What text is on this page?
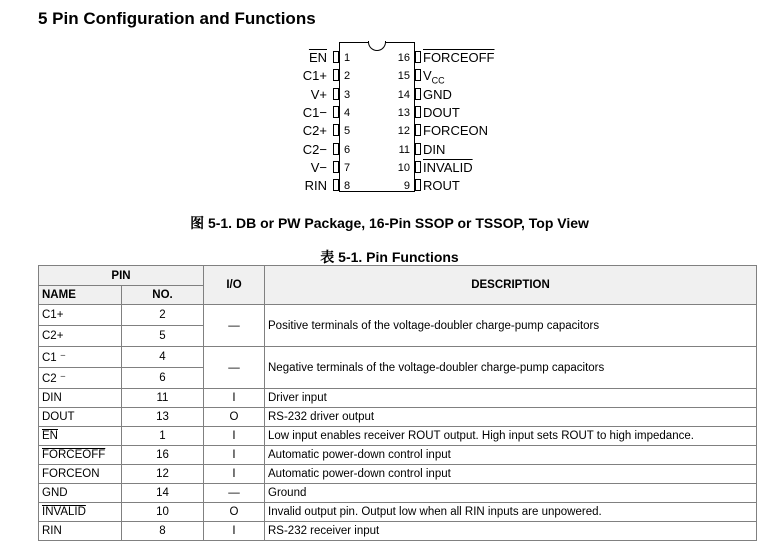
5 Pin Configuration and Functions
1
$\overline{EN}$
2
C1+
3
V+
4
C1−
5
C2+
6
C2−
7
V−
8
RIN
16 FORCEOFF
15 $V_{CC}$
14 GND
13 DOUT
12 FORCEON
11 DIN
10 INVALID
9 ROUT
图 5-1. DB or PW Package, 16-Pin SSOP or TSSOP, Top View
表 5-1. Pin Functions
PIN		I/O	DESCRIPTION
NAME	NO.		
C1+	2	—	Positive terminals of the voltage-doubler charge-pump capacitors
C2+	5		
C1 ⁻	4	—	Negative terminals of the voltage-doubler charge-pump capacitors
C2 ⁻	6		
DIN	11	I	Driver input
DOUT	13	O	RS-232 driver output
$\overline{EN}$	1	I	Low input enables receiver ROUT output. High input sets ROUT to high impedance.
FORCEOFF	16	I	Automatic power-down control input
FORCEON	12	I	Automatic power-down control input
GND	14	—	Ground
INVALID	10	O	Invalid output pin. Output low when all RIN inputs are unpowered.
RIN	8	I	RS-232 receiver input
